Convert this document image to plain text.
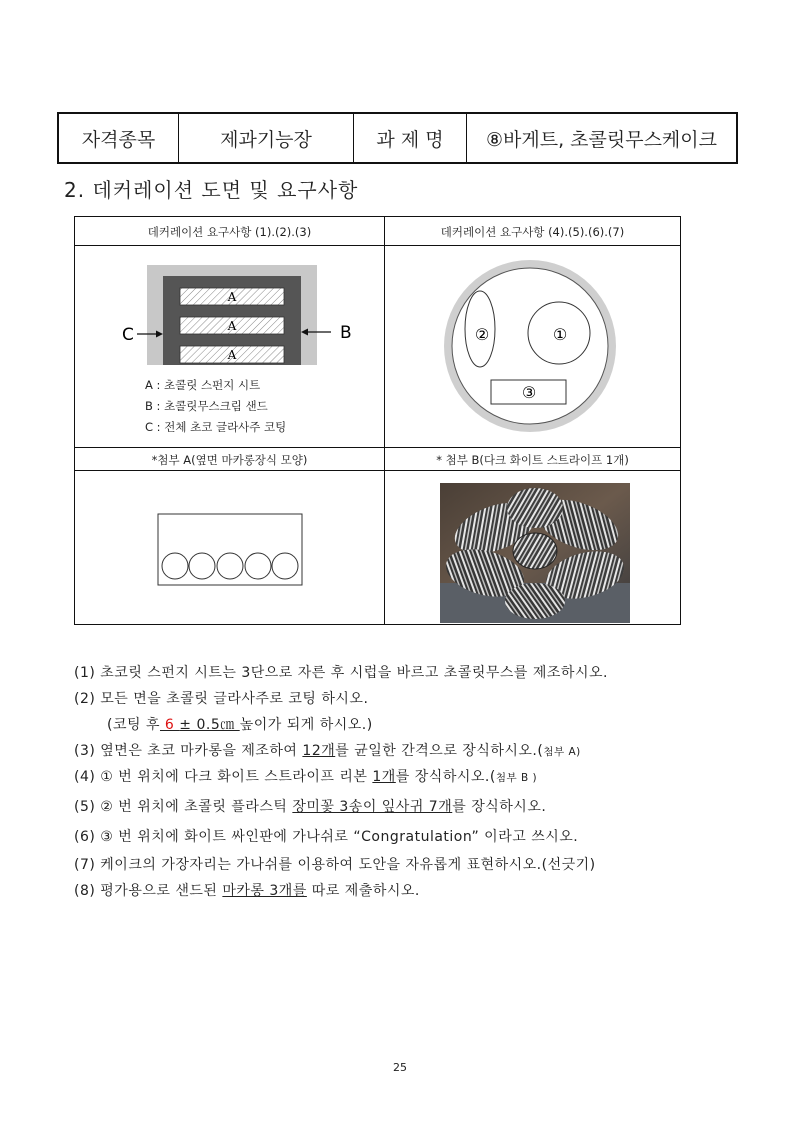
자격종목	제과기능장	과 제 명	⑧바게트, 초콜릿무스케이크
2. 데커레이션 도면 및 요구사항
데커레이션 요구사항 (1).(2).(3)	데커레이션 요구사항 (4).(5).(6).(7)
A
A
A
C	B
A : 초콜릿 스펀지 시트
B : 초콜릿무스크림 샌드
C : 전체 초코 글라사주 코팅
②	①
③
*첨부 A(옆면 마카롱장식 모양)	* 첨부 B(다크 화이트 스트라이프 1개)
(1) 초코릿 스펀지 시트는 3단으로 자른 후 시럽을 바르고 초콜릿무스를 제조하시오.
(2) 모든 면을 초콜릿 글라사주로 코팅 하시오.
(코팅 후 6 ± 0.5㎝ 높이가 되게 하시오.)
(3) 옆면은 초코 마카롱을 제조하여 12개를 균일한 간격으로 장식하시오.(첨부 A)
(4) ① 번 위치에 다크 화이트 스트라이프 리본 1개를 장식하시오.(첨부 B )
(5) ② 번 위치에 초콜릿 플라스틱 장미꽃 3송이 잎사귀 7개를 장식하시오.
(6) ③ 번 위치에 화이트 싸인판에 가나쉬로 “Congratulation” 이라고 쓰시오.
(7) 케이크의 가장자리는 가나쉬를 이용하여 도안을 자유롭게 표현하시오.(선긋기)
(8) 평가용으로 샌드된 마카롱 3개를 따로 제출하시오.
25
